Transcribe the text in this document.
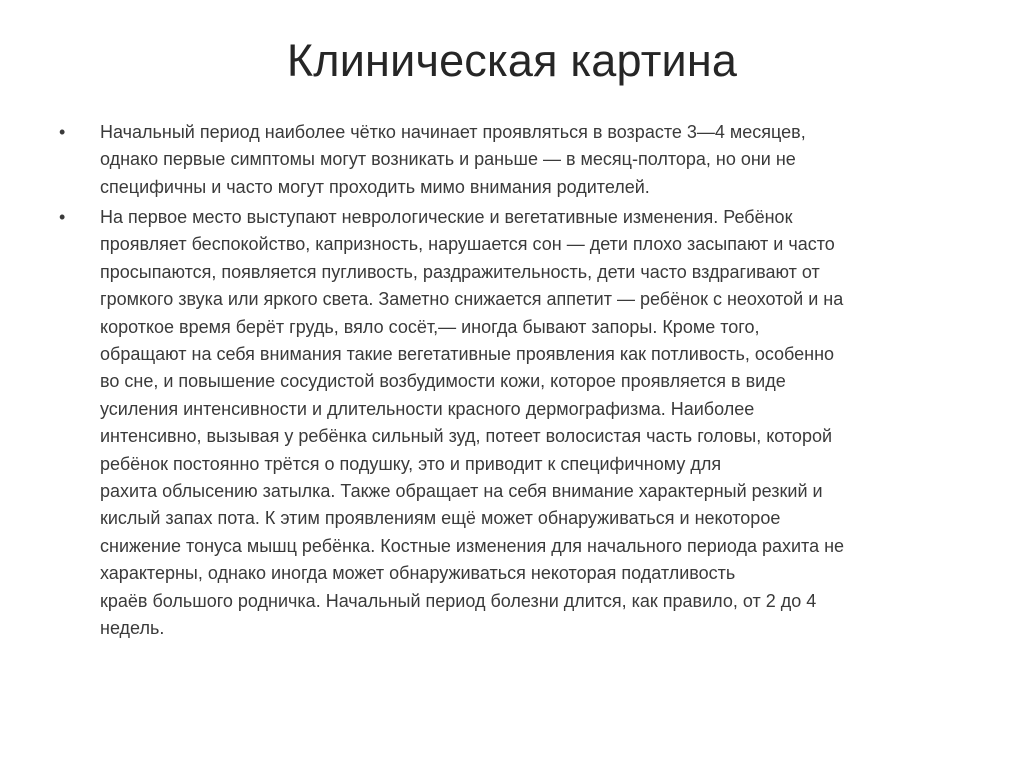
Клиническая картина
•	Начальный период наиболее чётко начинает проявляться в возрасте 3—4 месяцев,
однако первые симптомы могут возникать и раньше — в месяц-полтора, но они не
специфичны и часто могут проходить мимо внимания родителей.
•	На первое место выступают неврологические и вегетативные изменения. Ребёнок
проявляет беспокойство, капризность, нарушается сон — дети плохо засыпают и часто
просыпаются, появляется пугливость, раздражительность, дети часто вздрагивают от
громкого звука или яркого света. Заметно снижается аппетит — ребёнок с неохотой и на
короткое время берёт грудь, вяло сосёт,— иногда бывают запоры. Кроме того,
обращают на себя внимания такие вегетативные проявления как потливость, особенно
во сне, и повышение сосудистой возбудимости кожи, которое проявляется в виде
усиления интенсивности и длительности красного дермографизма. Наиболее
интенсивно, вызывая у ребёнка сильный зуд, потеет волосистая часть головы, которой
ребёнок постоянно трётся о подушку, это и приводит к специфичному для
рахита облысению затылка. Также обращает на себя внимание характерный резкий и
кислый запах пота. К этим проявлениям ещё может обнаруживаться и некоторое
снижение тонуса мышц ребёнка. Костные изменения для начального периода рахита не
характерны, однако иногда может обнаруживаться некоторая податливость
краёв большого родничка. Начальный период болезни длится, как правило, от 2 до 4
недель.
